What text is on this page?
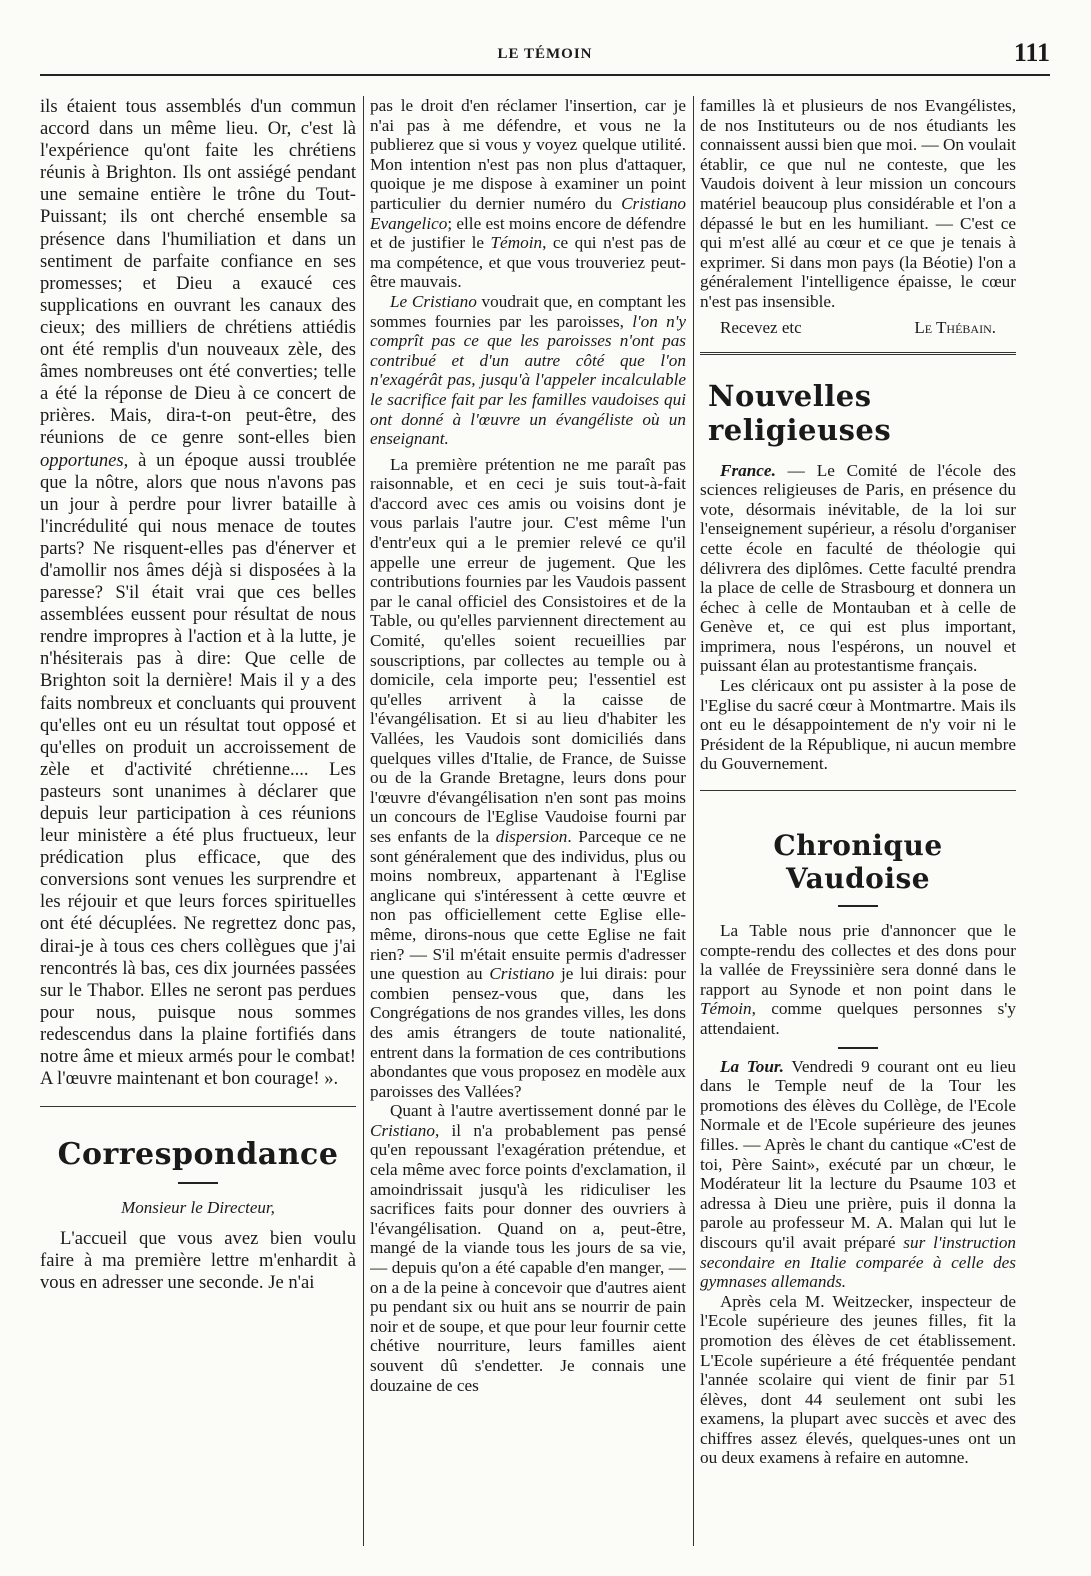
LE TÉMOIN	111

ils étaient tous assemblés d'un commun accord dans un même lieu. Or, c'est là l'expérience qu'ont faite les chrétiens réunis à Brighton. Ils ont assiégé pendant une semaine entière le trône du Tout-Puissant; ils ont cherché ensemble sa présence dans l'humiliation et dans un sentiment de parfaite confiance en ses promesses; et Dieu a exaucé ces supplications en ouvrant les canaux des cieux; des milliers de chrétiens attiédis ont été remplis d'un nouveaux zèle, des âmes nombreuses ont été converties; telle a été la réponse de Dieu à ce concert de prières. Mais, dira-t-on peut-être, des réunions de ce genre sont-elles bien opportunes, à un époque aussi troublée que la nôtre, alors que nous n'avons pas un jour à perdre pour livrer bataille à l'incrédulité qui nous menace de toutes parts? Ne risquent-elles pas d'énerver et d'amollir nos âmes déjà si disposées à la paresse? S'il était vrai que ces belles assemblées eussent pour résultat de nous rendre impropres à l'action et à la lutte, je n'hésiterais pas à dire: Que celle de Brighton soit la dernière! Mais il y a des faits nombreux et concluants qui prouvent qu'elles ont eu un résultat tout opposé et qu'elles on produit un accroissement de zèle et d'activité chrétienne.... Les pasteurs sont unanimes à déclarer que depuis leur participation à ces réunions leur ministère a été plus fructueux, leur prédication plus efficace, que des conversions sont venues les surprendre et les réjouir et que leurs forces spirituelles ont été décuplées. Ne regrettez donc pas, dirai-je à tous ces chers collègues que j'ai rencontrés là bas, ces dix journées passées sur le Thabor. Elles ne seront pas perdues pour nous, puisque nous sommes redescendus dans la plaine fortifiés dans notre âme et mieux armés pour le combat! A l'œuvre maintenant et bon courage! ».

Correspondance
Monsieur le Directeur,

L'accueil que vous avez bien voulu faire à ma première lettre m'enhardit à vous en adresser une seconde. Je n'ai

pas le droit d'en réclamer l'insertion, car je n'ai pas à me défendre, et vous ne la publierez que si vous y voyez quelque utilité. Mon intention n'est pas non plus d'attaquer, quoique je me dispose à examiner un point particulier du dernier numéro du Cristiano Evangelico; elle est moins encore de défendre et de justifier le Témoin, ce qui n'est pas de ma compétence, et que vous trouveriez peut-être mauvais.

Le Cristiano voudrait que, en comptant les sommes fournies par les paroisses, l'on n'y comprît pas ce que les paroisses n'ont pas contribué et d'un autre côté que l'on n'exagérât pas, jusqu'à l'appeler incalculable le sacrifice fait par les familles vaudoises qui ont donné à l'œuvre un évangéliste où un enseignant.

La première prétention ne me paraît pas raisonnable, et en ceci je suis tout-à-fait d'accord avec ces amis ou voisins dont je vous parlais l'autre jour. C'est même l'un d'entr'eux qui a le premier relevé ce qu'il appelle une erreur de jugement. Que les contributions fournies par les Vaudois passent par le canal officiel des Consistoires et de la Table, ou qu'elles parviennent directement au Comité, qu'elles soient recueillies par souscriptions, par collectes au temple ou à domicile, cela importe peu; l'essentiel est qu'elles arrivent à la caisse de l'évangélisation. Et si au lieu d'habiter les Vallées, les Vaudois sont domiciliés dans quelques villes d'Italie, de France, de Suisse ou de la Grande Bretagne, leurs dons pour l'œuvre d'évangélisation n'en sont pas moins un concours de l'Eglise Vaudoise fourni par ses enfants de la dispersion. Parceque ce ne sont généralement que des individus, plus ou moins nombreux, appartenant à l'Eglise anglicane qui s'intéressent à cette œuvre et non pas officiellement cette Eglise elle-même, dirons-nous que cette Eglise ne fait rien? — S'il m'était ensuite permis d'adresser une question au Cristiano je lui dirais: pour combien pensez-vous que, dans les Congrégations de nos grandes villes, les dons des amis étrangers de toute nationalité, entrent dans la formation de ces contributions abondantes que vous proposez en modèle aux paroisses des Vallées?

Quant à l'autre avertissement donné par le Cristiano, il n'a probablement pas pensé qu'en repoussant l'exagération prétendue, et cela même avec force points d'exclamation, il amoindrissait jusqu'à les ridiculiser les sacrifices faits pour donner des ouvriers à l'évangélisation. Quand on a, peut-être, mangé de la viande tous les jours de sa vie, — depuis qu'on a été capable d'en manger, — on a de la peine à concevoir que d'autres aient pu pendant six ou huit ans se nourrir de pain noir et de soupe, et que pour leur fournir cette chétive nourriture, leurs familles aient souvent dû s'endetter. Je connais une douzaine de ces

familles là et plusieurs de nos Evangélistes, de nos Instituteurs ou de nos étudiants les connaissent aussi bien que moi. — On voulait établir, ce que nul ne conteste, que les Vaudois doivent à leur mission un concours matériel beaucoup plus considérable et l'on a dépassé le but en les humiliant. — C'est ce qui m'est allé au cœur et ce que je tenais à exprimer. Si dans mon pays (la Béotie) l'on a généralement l'intelligence épaisse, le cœur n'est pas insensible.

Recevez etc	Le Thébain.
Nouvelles religieuses

France. — Le Comité de l'école des sciences religieuses de Paris, en présence du vote, désormais inévitable, de la loi sur l'enseignement supérieur, a résolu d'organiser cette école en faculté de théologie qui délivrera des diplômes. Cette faculté prendra la place de celle de Strasbourg et donnera un échec à celle de Montauban et à celle de Genève et, ce qui est plus important, imprimera, nous l'espérons, un nouvel et puissant élan au protestantisme français.

Les cléricaux ont pu assister à la pose de l'Eglise du sacré cœur à Montmartre. Mais ils ont eu le désappointement de n'y voir ni le Président de la République, ni aucun membre du Gouvernement.

Chronique Vaudoise

La Table nous prie d'annoncer que le compte-rendu des collectes et des dons pour la vallée de Freyssinière sera donné dans le rapport au Synode et non point dans le Témoin, comme quelques personnes s'y attendaient.

La Tour. Vendredi 9 courant ont eu lieu dans le Temple neuf de la Tour les promotions des élèves du Collège, de l'Ecole Normale et de l'Ecole supérieure des jeunes filles. — Après le chant du cantique «C'est de toi, Père Saint», exécuté par un chœur, le Modérateur lit la lecture du Psaume 103 et adressa à Dieu une prière, puis il donna la parole au professeur M. A. Malan qui lut le discours qu'il avait préparé sur l'instruction secondaire en Italie comparée à celle des gymnases allemands.

Après cela M. Weitzecker, inspecteur de l'Ecole supérieure des jeunes filles, fit la promotion des élèves de cet établissement. L'Ecole supérieure a été fréquentée pendant l'année scolaire qui vient de finir par 51 élèves, dont 44 seulement ont subi les examens, la plupart avec succès et avec des chiffres assez élevés, quelques-unes ont un ou deux examens à refaire en automne.
